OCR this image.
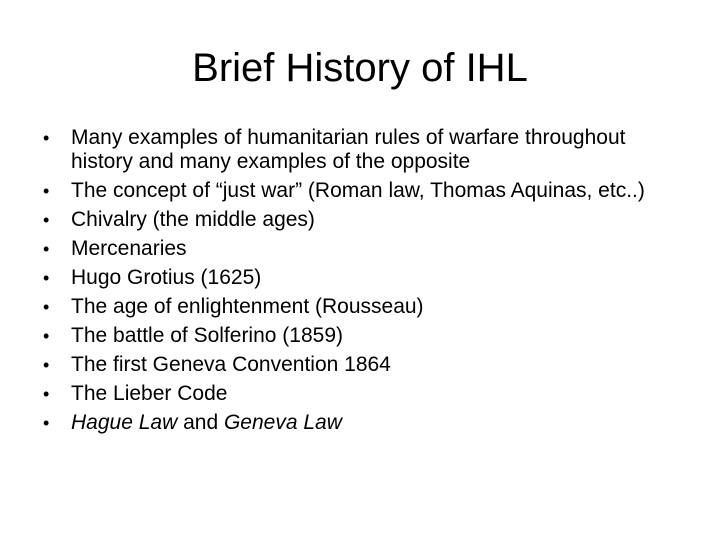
Brief History of IHL
•	Many examples of humanitarian rules of warfare throughout history and many examples of the opposite
•	The concept of “just war” (Roman law, Thomas Aquinas, etc..)
•	Chivalry (the middle ages)
•	Mercenaries
•	Hugo Grotius (1625)
•	The age of enlightenment (Rousseau)
•	The battle of Solferino (1859)
•	The first Geneva Convention 1864
•	The Lieber Code
•	Hague Law and Geneva Law
